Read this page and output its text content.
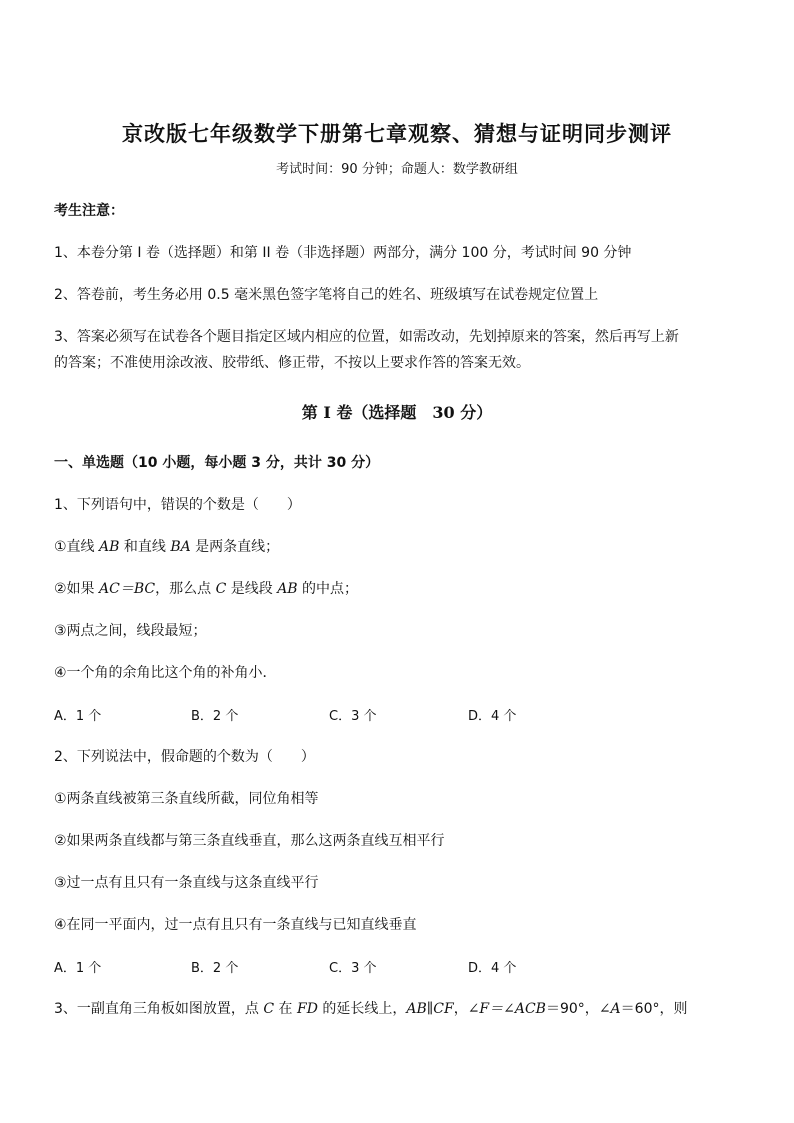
京改版七年级数学下册第七章观察、猜想与证明同步测评
考试时间：90 分钟；命题人：数学教研组
考生注意：
1、本卷分第 I 卷（选择题）和第 II 卷（非选择题）两部分，满分 100 分，考试时间 90 分钟
2、答卷前，考生务必用 0.5 毫米黑色签字笔将自己的姓名、班级填写在试卷规定位置上
3、答案必须写在试卷各个题目指定区域内相应的位置，如需改动，先划掉原来的答案，然后再写上新
的答案；不准使用涂改液、胶带纸、修正带，不按以上要求作答的答案无效。
第 I 卷（选择题　30 分）
一、单选题（10 小题，每小题 3 分，共计 30 分）
1、下列语句中，错误的个数是（　　）
①直线 AB 和直线 BA 是两条直线；
②如果 AC＝BC，那么点 C 是线段 AB 的中点；
③两点之间，线段最短；
④一个角的余角比这个角的补角小．
A．1 个	B．2 个	C．3 个	D．4 个
2、下列说法中，假命题的个数为（　　）
①两条直线被第三条直线所截，同位角相等
②如果两条直线都与第三条直线垂直，那么这两条直线互相平行
③过一点有且只有一条直线与这条直线平行
④在同一平面内，过一点有且只有一条直线与已知直线垂直
A．1 个	B．2 个	C．3 个	D．4 个
3、一副直角三角板如图放置，点 C 在 FD 的延长线上，AB∥CF，∠F＝∠ACB＝90°，∠A＝60°，则
